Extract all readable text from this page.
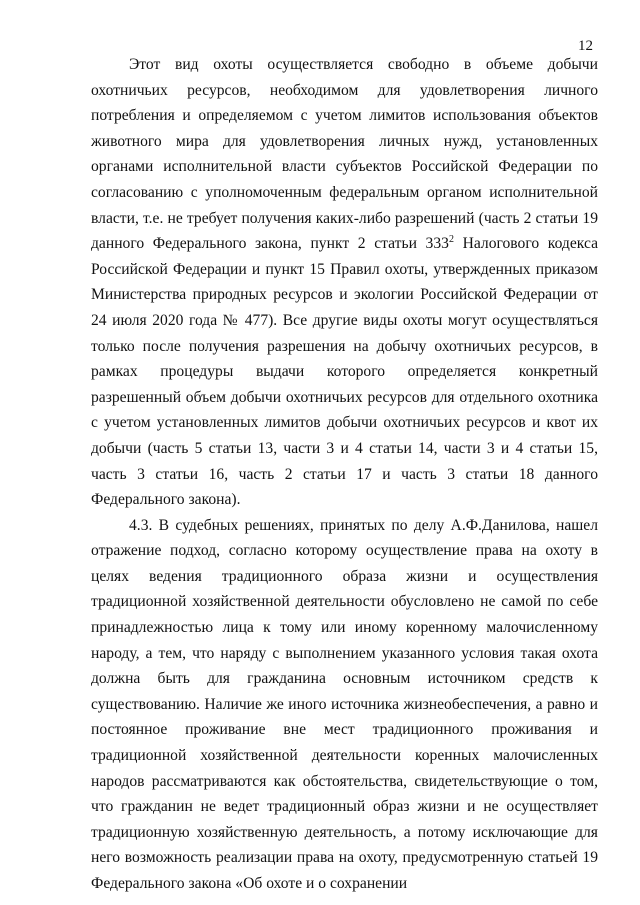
12

Этот вид охоты осуществляется свободно в объеме добычи охотничьих ресурсов, необходимом для удовлетворения личного потребления и определяемом с учетом лимитов использования объектов животного мира для удовлетворения личных нужд, установленных органами исполнительной власти субъектов Российской Федерации по согласованию с уполномоченным федеральным органом исполнительной власти, т.е. не требует получения каких-либо разрешений (часть 2 статьи 19 данного Федерального закона, пункт 2 статьи $333^2$ Налогового кодекса Российской Федерации и пункт 15 Правил охоты, утвержденных приказом Министерства природных ресурсов и экологии Российской Федерации от 24 июля 2020 года № 477). Все другие виды охоты могут осуществляться только после получения разрешения на добычу охотничьих ресурсов, в рамках процедуры выдачи которого определяется конкретный разрешенный объем добычи охотничьих ресурсов для отдельного охотника с учетом установленных лимитов добычи охотничьих ресурсов и квот их добычи (часть 5 статьи 13, части 3 и 4 статьи 14, части 3 и 4 статьи 15, часть 3 статьи 16, часть 2 статьи 17 и часть 3 статьи 18 данного Федерального закона).

4.3. В судебных решениях, принятых по делу А.Ф.Данилова, нашел отражение подход, согласно которому осуществление права на охоту в целях ведения традиционного образа жизни и осуществления традиционной хозяйственной деятельности обусловлено не самой по себе принадлежностью лица к тому или иному коренному малочисленному народу, а тем, что наряду с выполнением указанного условия такая охота должна быть для гражданина основным источником средств к существованию. Наличие же иного источника жизнеобеспечения, а равно и постоянное проживание вне мест традиционного проживания и традиционной хозяйственной деятельности коренных малочисленных народов рассматриваются как обстоятельства, свидетельствующие о том, что гражданин не ведет традиционный образ жизни и не осуществляет традиционную хозяйственную деятельность, а потому исключающие для него возможность реализации права на охоту, предусмотренную статьей 19 Федерального закона «Об охоте и о сохранении
